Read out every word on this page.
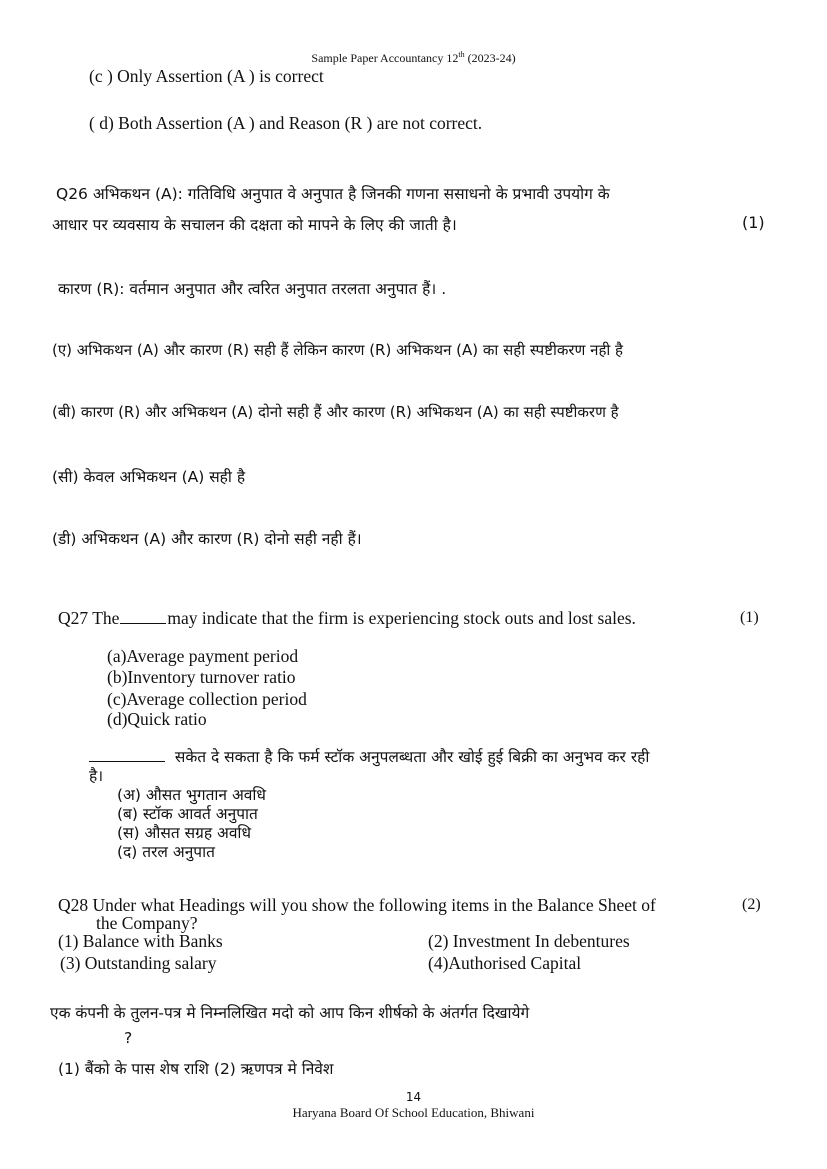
Sample Paper Accountancy 12th (2023-24)
(c ) Only Assertion (A ) is correct
( d) Both Assertion (A ) and Reason (R ) are not correct.
Q26 अभिकथन (A): गतिविधि अनुपात वे अनुपात है जिनकी गणना ससाधनो के प्रभावी उपयोग के
आधार पर व्यवसाय के सचालन की दक्षता को मापने के लिए की जाती है।	(1)
कारण (R): वर्तमान अनुपात और त्वरित अनुपात तरलता अनुपात हैं। .
(ए) अभिकथन (A) और कारण (R) सही हैं लेकिन कारण (R) अभिकथन (A) का सही स्पष्टीकरण नही है
(बी) कारण (R) और अभिकथन (A) दोनो सही हैं और कारण (R) अभिकथन (A) का सही स्पष्टीकरण है
(सी) केवल अभिकथन (A) सही है
(डी) अभिकथन (A) और कारण (R) दोनो सही नही हैं।
Q27 The	may indicate that the firm is experiencing stock outs and lost sales.	(1)
(a)Average payment period
(b)Inventory turnover ratio
(c)Average collection period
(d)Quick ratio
सकेत दे सकता है कि फर्म स्टॉक अनुपलब्धता और खोई हुई बिक्री का अनुभव कर रही
है।
(अ) औसत भुगतान अवधि
(ब) स्टॉक आवर्त अनुपात
(स) औसत सग्रह अवधि
(द) तरल अनुपात
Q28 Under what Headings will you show the following items in the Balance Sheet of	(2)
the Company?
(1) Balance with Banks	(2) Investment In debentures
(3) Outstanding salary	(4)Authorised Capital
एक कंपनी के तुलन-पत्र मे निम्नलिखित मदो को आप किन शीर्षको के अंतर्गत दिखायेगे
?
(1) बैंको के पास शेष राशि (2) ऋणपत्र मे निवेश
14
Haryana Board Of School Education, Bhiwani
